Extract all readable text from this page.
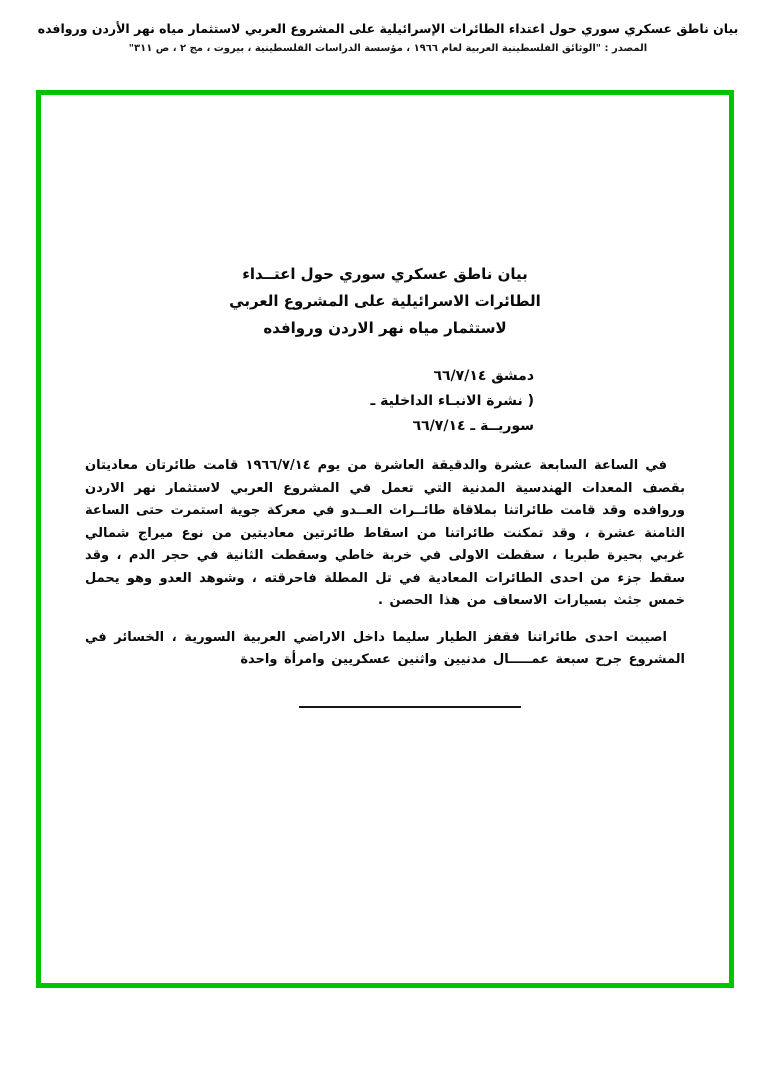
بيان ناطق عسكري سوري حول اعتداء الطائرات الإسرائيلية على المشروع العربي لاستثمار مياه نهر الأردن وروافده
المصدر : "الوثائق الفلسطينية العربية لعام ١٩٦٦ ، مؤسسة الدراسات الفلسطينية ، بيروت ، مج ٢ ، ص ٣١١"
بيان ناطق عسكري سوري حول اعتــداء
الطائرات الاسرائيلية على المشروع العربي
لاستثمار مياه نهر الاردن وروافده
دمشق ٦٦/٧/١٤
( نشرة الانبـاء الداخلية ـ
سوريــة ـ ٦٦/٧/١٤

في الساعة السابعة عشرة والدقيقة العاشرة من يوم ١٩٦٦/٧/١٤ قامت طائرتان معاديتان بقصف المعدات الهندسية المدنية التي تعمل في المشروع العربي لاستثمار نهر الاردن وروافده وقد قامت طائراتنا بملاقاة طائــرات العــدو في معركة جوية استمرت حتى الساعة الثامنة عشرة ، وقد تمكنت طائراتنا من اسقاط طائرتين معاديتين من نوع ميراج شمالي غربي بحيرة طبريا ، سقطت الاولى في خربة خاطي وسقطت الثانية في حجر الدم ، وقد سقط جزء من احدى الطائرات المعادية في تل المطلة فاحرقته ، وشوهد العدو وهو يحمل خمس جثث بسيارات الاسعاف من هذا الحصن .

اصيبت احدى طائراتنا فقفز الطيار سليما داخل الاراضي العربية السورية ، الخسائر في المشروع جرح سبعة عمـــــال مدنيين واثنين عسكريين وامرأة واحدة
